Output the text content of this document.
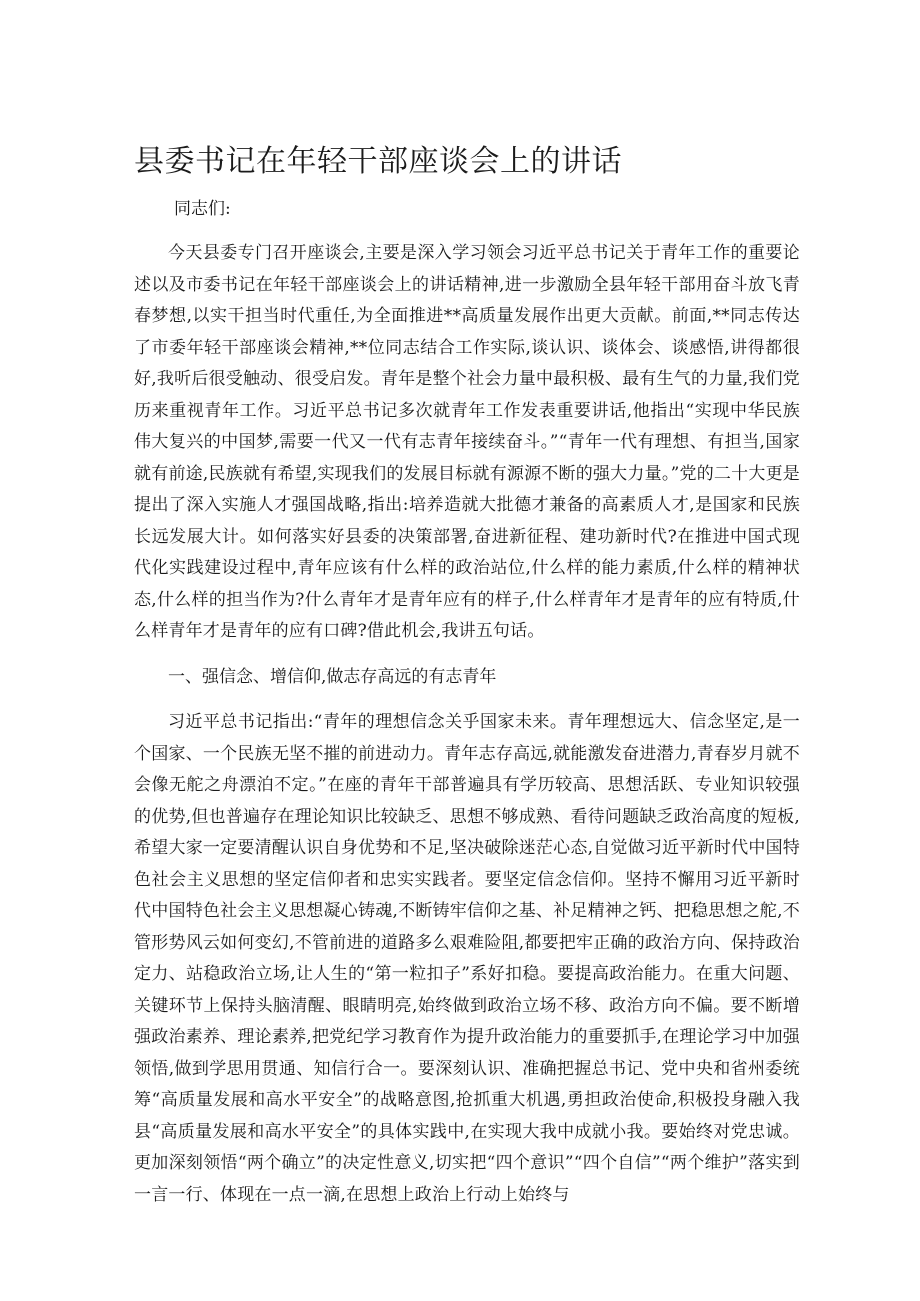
县委书记在年轻干部座谈会上的讲话
同志们:

今天县委专门召开座谈会,主要是深入学习领会习近平总书记关于青年工作的重要论述以及市委书记在年轻干部座谈会上的讲话精神,进一步激励全县年轻干部用奋斗放飞青春梦想,以实干担当时代重任,为全面推进**高质量发展作出更大贡献。前面,**同志传达了市委年轻干部座谈会精神,**位同志结合工作实际,谈认识、谈体会、谈感悟,讲得都很好,我听后很受触动、很受启发。青年是整个社会力量中最积极、最有生气的力量,我们党历来重视青年工作。习近平总书记多次就青年工作发表重要讲话,他指出“实现中华民族伟大复兴的中国梦,需要一代又一代有志青年接续奋斗。”“青年一代有理想、有担当,国家就有前途,民族就有希望,实现我们的发展目标就有源源不断的强大力量。”党的二十大更是提出了深入实施人才强国战略,指出:培养造就大批德才兼备的高素质人才,是国家和民族长远发展大计。如何落实好县委的决策部署,奋进新征程、建功新时代?在推进中国式现代化实践建设过程中,青年应该有什么样的政治站位,什么样的能力素质,什么样的精神状态,什么样的担当作为?什么青年才是青年应有的样子,什么样青年才是青年的应有特质,什么样青年才是青年的应有口碑?借此机会,我讲五句话。

一、强信念、增信仰,做志存高远的有志青年

习近平总书记指出:“青年的理想信念关乎国家未来。青年理想远大、信念坚定,是一个国家、一个民族无坚不摧的前进动力。青年志存高远,就能激发奋进潜力,青春岁月就不会像无舵之舟漂泊不定。”在座的青年干部普遍具有学历较高、思想活跃、专业知识较强的优势,但也普遍存在理论知识比较缺乏、思想不够成熟、看待问题缺乏政治高度的短板,希望大家一定要清醒认识自身优势和不足,坚决破除迷茫心态,自觉做习近平新时代中国特色社会主义思想的坚定信仰者和忠实实践者。要坚定信念信仰。坚持不懈用习近平新时代中国特色社会主义思想凝心铸魂,不断铸牢信仰之基、补足精神之钙、把稳思想之舵,不管形势风云如何变幻,不管前进的道路多么艰难险阻,都要把牢正确的政治方向、保持政治定力、站稳政治立场,让人生的“第一粒扣子”系好扣稳。要提高政治能力。在重大问题、关键环节上保持头脑清醒、眼睛明亮,始终做到政治立场不移、政治方向不偏。要不断增强政治素养、理论素养,把党纪学习教育作为提升政治能力的重要抓手,在理论学习中加强领悟,做到学思用贯通、知信行合一。要深刻认识、准确把握总书记、党中央和省州委统筹“高质量发展和高水平安全”的战略意图,抢抓重大机遇,勇担政治使命,积极投身融入我县“高质量发展和高水平安全”的具体实践中,在实现大我中成就小我。要始终对党忠诚。更加深刻领悟“两个确立”的决定性意义,切实把“四个意识”“四个自信”“两个维护”落实到一言一行、体现在一点一滴,在思想上政治上行动上始终与
